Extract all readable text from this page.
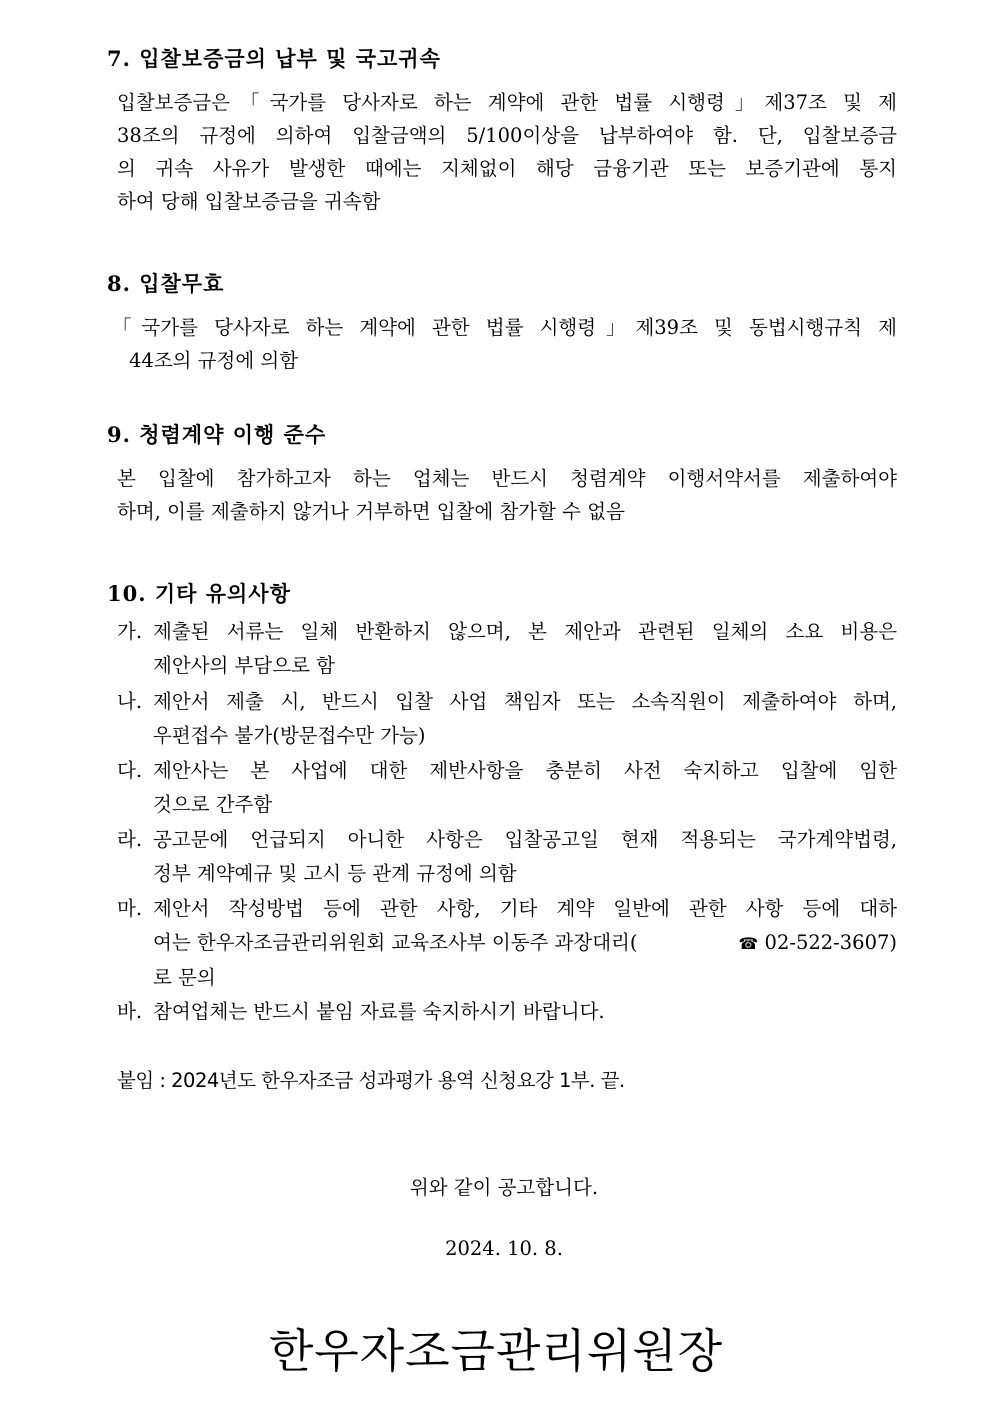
7. 입찰보증금의 납부 및 국고귀속
입찰보증금은「국가를 당사자로 하는 계약에 관한 법률 시행령」제37조 및 제
38조의 규정에 의하여 입찰금액의 5/100이상을 납부하여야 함. 단, 입찰보증금
의 귀속 사유가 발생한 때에는 지체없이 해당 금융기관 또는 보증기관에 통지
하여 당해 입찰보증금을 귀속함
8. 입찰무효
「국가를 당사자로 하는 계약에 관한 법률 시행령」제39조 및 동법시행규칙 제
44조의 규정에 의함
9. 청렴계약 이행 준수
본 입찰에 참가하고자 하는 업체는 반드시 청렴계약 이행서약서를 제출하여야
하며, 이를 제출하지 않거나 거부하면 입찰에 참가할 수 없음
10. 기타 유의사항
가. 제출된 서류는 일체 반환하지 않으며, 본 제안과 관련된 일체의 소요 비용은
제안사의 부담으로 함
나. 제안서 제출 시, 반드시 입찰 사업 책임자 또는 소속직원이 제출하여야 하며,
우편접수 불가(방문접수만 가능)
다. 제안사는 본 사업에 대한 제반사항을 충분히 사전 숙지하고 입찰에 임한
것으로 간주함
라. 공고문에 언급되지 아니한 사항은 입찰공고일 현재 적용되는 국가계약법령,
정부 계약예규 및 고시 등 관계 규정에 의함
마. 제안서 작성방법 등에 관한 사항, 기타 계약 일반에 관한 사항 등에 대하
여는 한우자조금관리위원회 교육조사부 이동주 과장대리(	☎ 02-522-3607)
로 문의
바. 참여업체는 반드시 붙임 자료를 숙지하시기 바랍니다.
붙임 : 2024년도 한우자조금 성과평가 용역 신청요강 1부. 끝.
위와 같이 공고합니다.
2024. 10. 8.
한우자조금관리위원장
